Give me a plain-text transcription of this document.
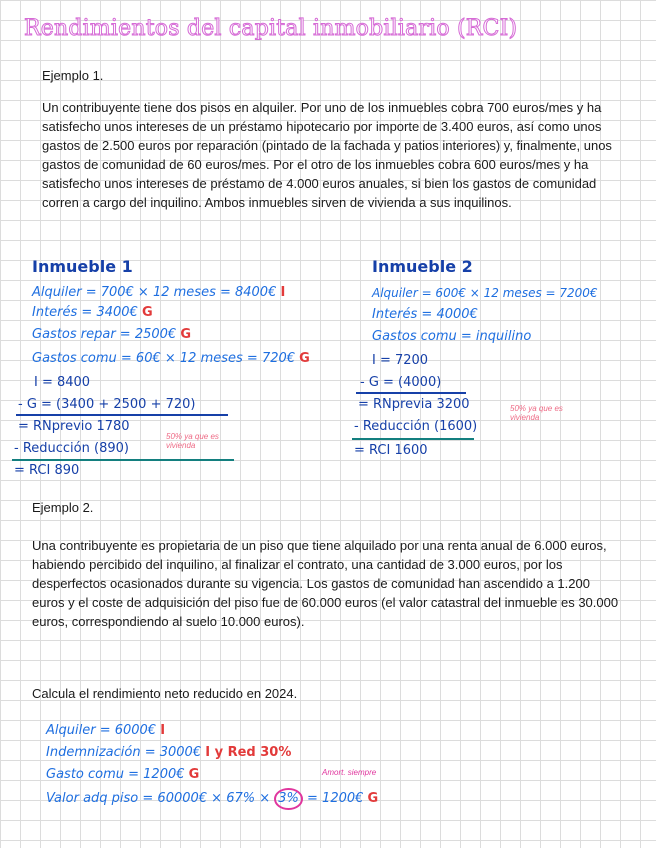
Rendimientos del capital inmobiliario (RCI)

Ejemplo 1.

Un contribuyente tiene dos pisos en alquiler. Por uno de los inmuebles cobra 700 euros/mes y ha satisfecho unos intereses de un préstamo hipotecario por importe de 3.400 euros, así como unos gastos de 2.500 euros por reparación (pintado de la fachada y patios interiores) y, finalmente, unos gastos de comunidad de 60 euros/mes. Por el otro de los inmuebles cobra 600 euros/mes y ha satisfecho unos intereses de préstamo de 4.000 euros anuales, si bien los gastos de comunidad corren a cargo del inquilino. Ambos inmuebles sirven de vivienda a sus inquilinos.

Inmueble 1
Alquiler = 700€ × 12 meses = 8400€ I
Interés = 3400€ G
Gastos repar = 2500€ G
Gastos comu = 60€ × 12 meses = 720€ G
I = 8400
- G = (3400 + 2500 + 720)
= RNprevio 1780
- Reducción (890)
50% ya que es vivienda
= RCI 890
Inmueble 2
Alquiler = 600€ × 12 meses = 7200€
Interés = 4000€
Gastos comu = inquilino
I = 7200
- G = (4000)
= RNprevia 3200
- Reducción (1600)
50% ya que es vivienda
= RCI 1600

Ejemplo 2.

Una contribuyente es propietaria de un piso que tiene alquilado por una renta anual de 6.000 euros, habiendo percibido del inquilino, al finalizar el contrato, una cantidad de 3.000 euros, por los desperfectos ocasionados durante su vigencia. Los gastos de comunidad han ascendido a 1.200 euros y el coste de adquisición del piso fue de 60.000 euros (el valor catastral del inmueble es 30.000 euros, correspondiendo al suelo 10.000 euros).

Calcula el rendimiento neto reducido en 2024.

Alquiler = 6000€ I
Indemnización = 3000€ I y Red 30%
Gasto comu = 1200€ G	Amort. siempre
Valor adq piso = 60000€ × 67% × 3% = 1200€ G
